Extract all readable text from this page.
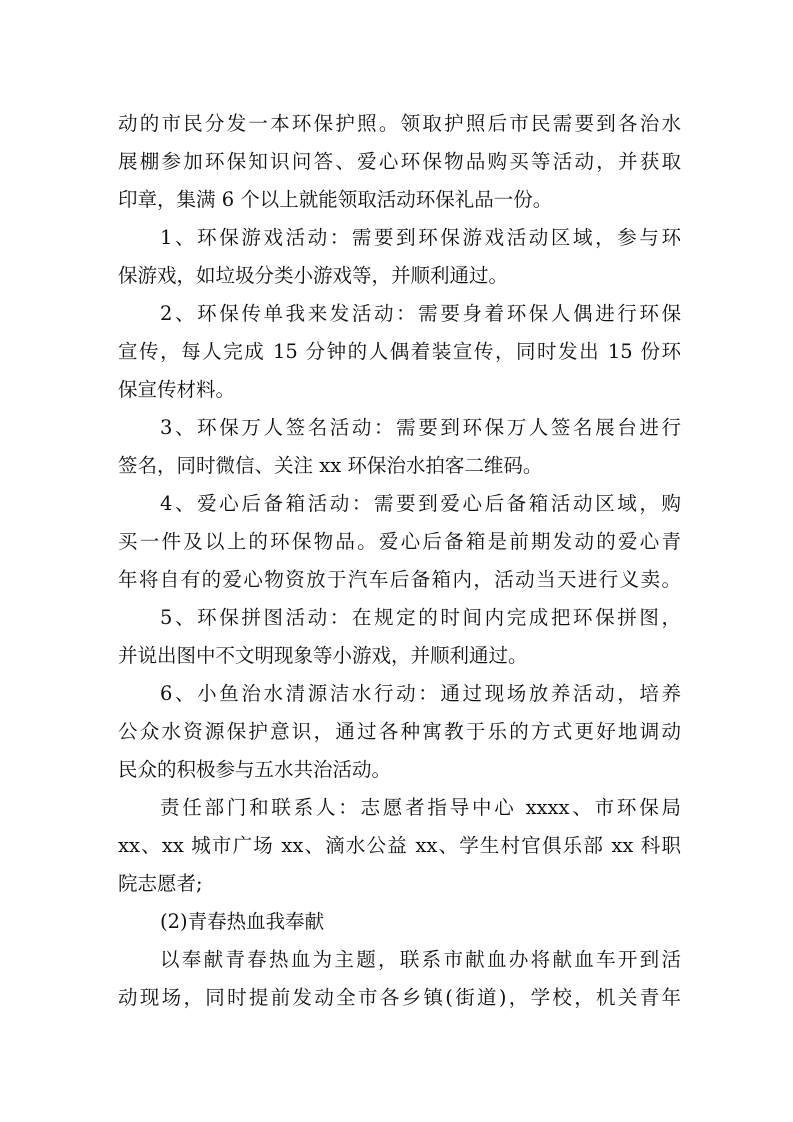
动的市民分发一本环保护照。领取护照后市民需要到各治水
展棚参加环保知识问答、爱心环保物品购买等活动，并获取
印章，集满 6 个以上就能领取活动环保礼品一份。
1、环保游戏活动：需要到环保游戏活动区域，参与环
保游戏，如垃圾分类小游戏等，并顺利通过。
2、环保传单我来发活动：需要身着环保人偶进行环保
宣传，每人完成 15 分钟的人偶着装宣传，同时发出 15 份环
保宣传材料。
3、环保万人签名活动：需要到环保万人签名展台进行
签名，同时微信、关注 xx 环保治水拍客二维码。
4、爱心后备箱活动：需要到爱心后备箱活动区域，购
买一件及以上的环保物品。爱心后备箱是前期发动的爱心青
年将自有的爱心物资放于汽车后备箱内，活动当天进行义卖。
5、环保拼图活动：在规定的时间内完成把环保拼图，
并说出图中不文明现象等小游戏，并顺利通过。
6、小鱼治水清源洁水行动：通过现场放养活动，培养
公众水资源保护意识，通过各种寓教于乐的方式更好地调动
民众的积极参与五水共治活动。
责任部门和联系人：志愿者指导中心 xxxx、市环保局
xx、xx 城市广场 xx、滴水公益 xx、学生村官俱乐部 xx 科职
院志愿者;
(2)青春热血我奉献
以奉献青春热血为主题，联系市献血办将献血车开到活
动现场，同时提前发动全市各乡镇(街道)，学校，机关青年
